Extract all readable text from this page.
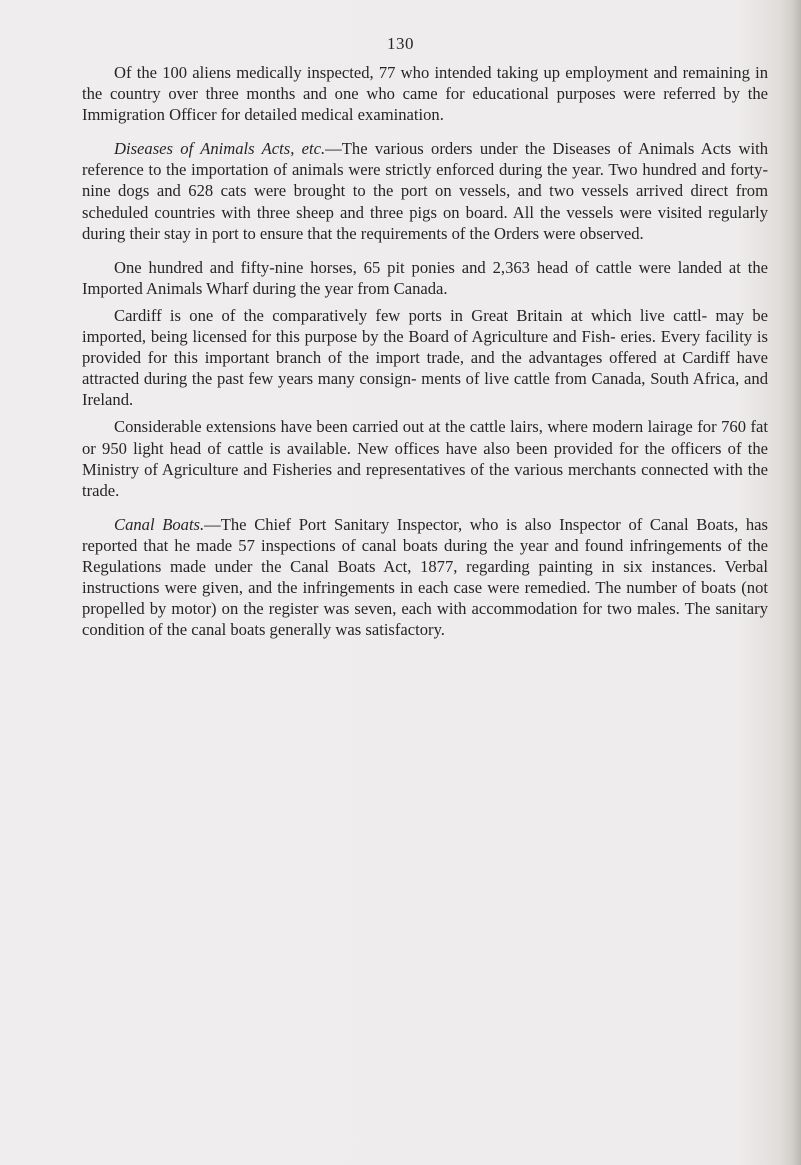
130

Of the 100 aliens medically inspected, 77 who intended taking up employment and remaining in the country over three months and one who came for educational purposes were referred by the Immigration Officer for detailed medical examination.

Diseases of Animals Acts, etc.—The various orders under the Diseases of Animals Acts with reference to the importation of animals were strictly enforced during the year. Two hundred and forty-nine dogs and 628 cats were brought to the port on vessels, and two vessels arrived direct from scheduled countries with three sheep and three pigs on board. All the vessels were visited regularly during their stay in port to ensure that the requirements of the Orders were observed.

One hundred and fifty-nine horses, 65 pit ponies and 2,363 head of cattle were landed at the Imported Animals Wharf during the year from Canada.

Cardiff is one of the comparatively few ports in Great Britain at which live cattl- may be imported, being licensed for this purpose by the Board of Agriculture and Fish- eries. Every facility is provided for this important branch of the import trade, and the advantages offered at Cardiff have attracted during the past few years many consign- ments of live cattle from Canada, South Africa, and Ireland.

Considerable extensions have been carried out at the cattle lairs, where modern lairage for 760 fat or 950 light head of cattle is available. New offices have also been provided for the officers of the Ministry of Agriculture and Fisheries and representatives of the various merchants connected with the trade.

Canal Boats.—The Chief Port Sanitary Inspector, who is also Inspector of Canal Boats, has reported that he made 57 inspections of canal boats during the year and found infringements of the Regulations made under the Canal Boats Act, 1877, regarding painting in six instances. Verbal instructions were given, and the infringements in each case were remedied. The number of boats (not propelled by motor) on the register was seven, each with accommodation for two males. The sanitary condition of the canal boats generally was satisfactory.
